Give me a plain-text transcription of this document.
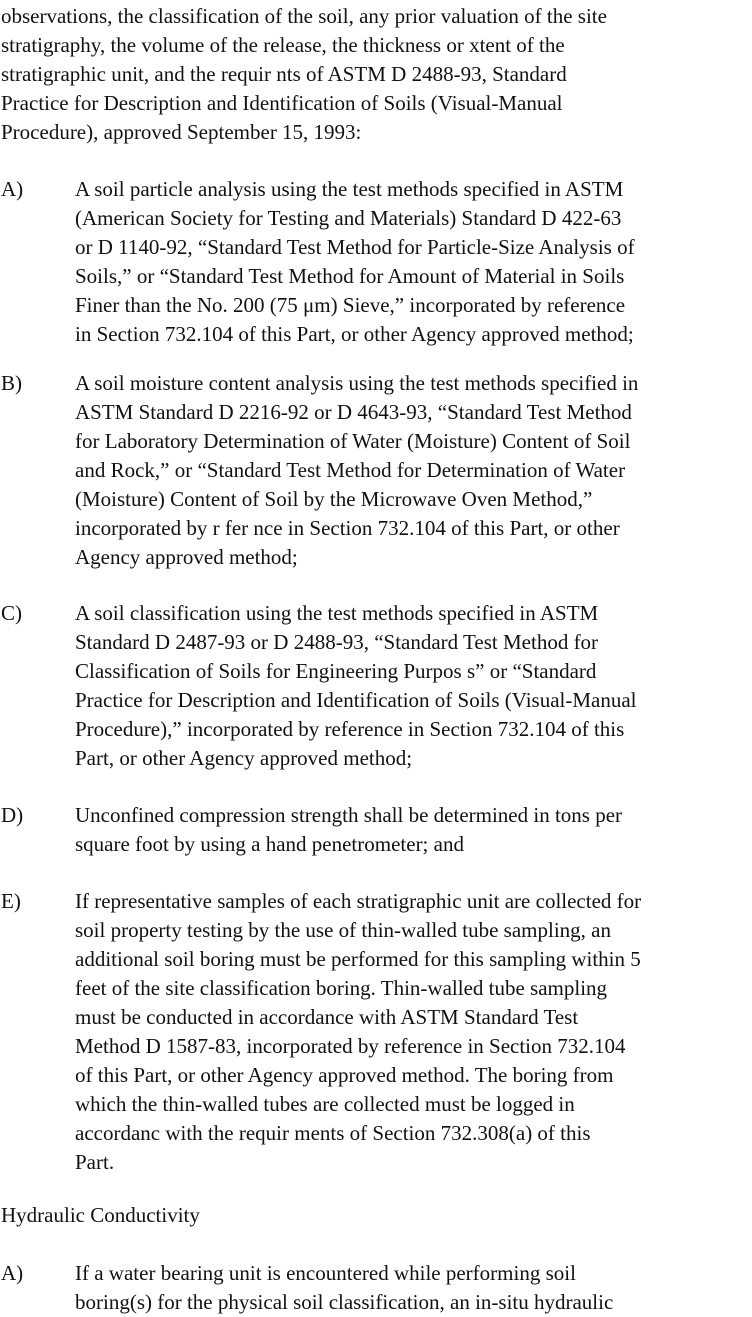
observations, the classification of the soil, any prior valuation of the site
stratigraphy, the volume of the release, the thickness or xtent of the
stratigraphic unit, and the requir nts of ASTM D 2488-93, Standard
Practice for Description and Identification of Soils (Visual-Manual
Procedure), approved September 15, 1993:

A) A soil particle analysis using the test methods specified in ASTM
(American Society for Testing and Materials) Standard D 422-63
or D 1140-92, “Standard Test Method for Particle-Size Analysis of
Soils,” or “Standard Test Method for Amount of Material in Soils
Finer than the No. 200 (75 μm) Sieve,” incorporated by reference
in Section 732.104 of this Part, or other Agency approved method;
B)	A soil moisture content analysis using the test methods specified in
ASTM Standard D 2216-92 or D 4643-93, “Standard Test Method
for Laboratory Determination of Water (Moisture) Content of Soil
and Rock,” or “Standard Test Method for Determination of Water
(Moisture) Content of Soil by the Microwave Oven Method,”
incorporated by r fer nce in Section 732.104 of this Part, or other
Agency approved method;
C)	A soil classification using the test methods specified in ASTM
Standard D 2487-93 or D 2488-93, “Standard Test Method for
Classification of Soils for Engineering Purpos s” or “Standard
Practice for Description and Identification of Soils (Visual-Manual
Procedure),” incorporated by reference in Section 732.104 of this
Part, or other Agency approved method;
D) Unconfined compression strength shall be determined in tons per
square foot by using a hand penetrometer; and
E)	If representative samples of each stratigraphic unit are collected for
soil property testing by the use of thin-walled tube sampling, an
additional soil boring must be performed for this sampling within 5
feet of the site classification boring. Thin-walled tube sampling
must be conducted in accordance with ASTM Standard Test
Method D 1587-83, incorporated by reference in Section 732.104
of this Part, or other Agency approved method. The boring from
which the thin-walled tubes are collected must be logged in
accordanc with the requir ments of Section 732.308(a) of this
Part.
Hydraulic Conductivity
A) If a water bearing unit is encountered while performing soil
boring(s) for the physical soil classification, an in-situ hydraulic
